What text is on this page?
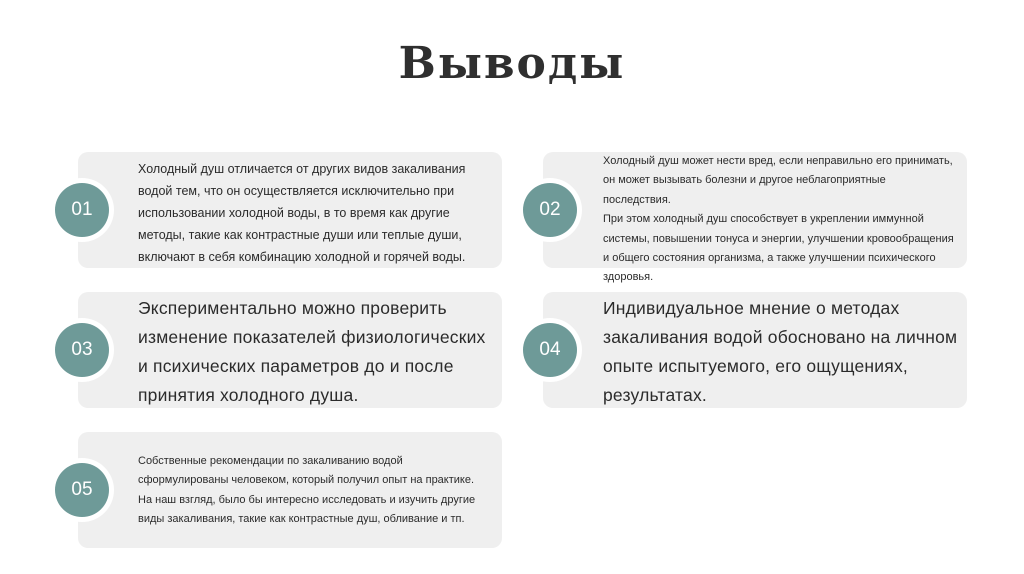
Выводы
Холодный душ отличается от других видов закаливания водой тем, что он осуществляется исключительно при использовании холодной воды, в то время как другие методы, такие как контрастные души или теплые души, включают в себя комбинацию холодной и горячей воды.
01
Холодный душ может нести вред, если неправильно его принимать, он может вызывать болезни и другое неблагоприятные последствия.
При этом холодный душ способствует в укреплении иммунной системы, повышении тонуса и энергии, улучшении кровообращения и общего состояния организма, а также улучшении психического здоровья.
02
Экспериментально можно проверить изменение показателей физиологических и психических параметров до и после принятия холодного душа.
03
Индивидуальное мнение о методах закаливания водой обосновано на личном опыте испытуемого, его ощущениях, результатах.
04
Собственные рекомендации по закаливанию водой сформулированы человеком, который получил опыт на практике.
На наш взгляд, было бы интересно исследовать и изучить другие виды закаливания, такие как контрастные душ, обливание и тп.
05
